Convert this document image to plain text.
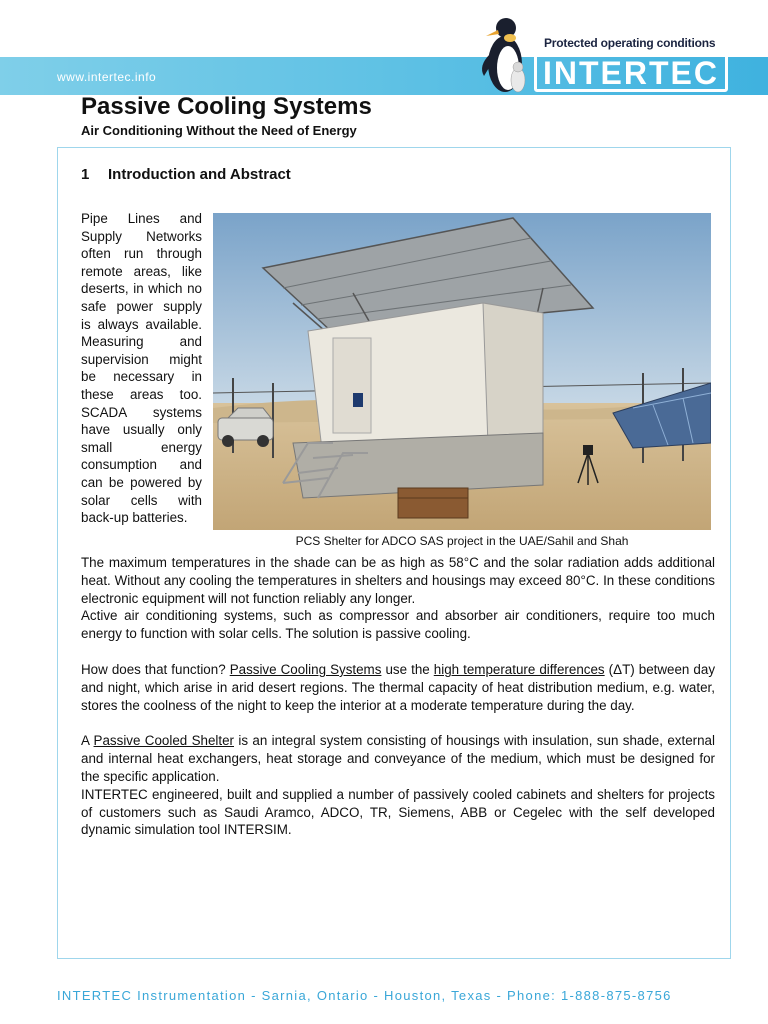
www.intertec.info
Protected operating conditions
INTERTEC
Passive Cooling Systems
Air Conditioning Without the Need of Energy
1 Introduction and Abstract

Pipe Lines and Supply Networks often run through remote areas, like deserts, in which no safe power supply is always available. Measuring and supervision might be necessary in these areas too. SCADA systems have usually only small energy consumption and can be powered by solar cells with back-up batteries.

PCS Shelter for ADCO SAS project in the UAE/Sahil and Shah

The maximum temperatures in the shade can be as high as 58°C and the solar radiation adds additional heat. Without any cooling the temperatures in shelters and housings may exceed 80°C. In these conditions electronic equipment will not function reliably any longer.

Active air conditioning systems, such as compressor and absorber air conditioners, require too much energy to function with solar cells. The solution is passive cooling.

How does that function? Passive Cooling Systems use the high temperature differences (ΔT) between day and night, which arise in arid desert regions. The thermal capacity of heat distribution medium, e.g. water, stores the coolness of the night to keep the interior at a moderate temperature during the day.

A Passive Cooled Shelter is an integral system consisting of housings with insulation, sun shade, external and internal heat exchangers, heat storage and conveyance of the medium, which must be designed for the specific application.

INTERTEC engineered, built and supplied a number of passively cooled cabinets and shelters for projects of customers such as Saudi Aramco, ADCO, TR, Siemens, ABB or Cegelec with the self developed dynamic simulation tool INTERSIM.

INTERTEC Instrumentation - Sarnia, Ontario - Houston, Texas - Phone: 1-888-875-8756
